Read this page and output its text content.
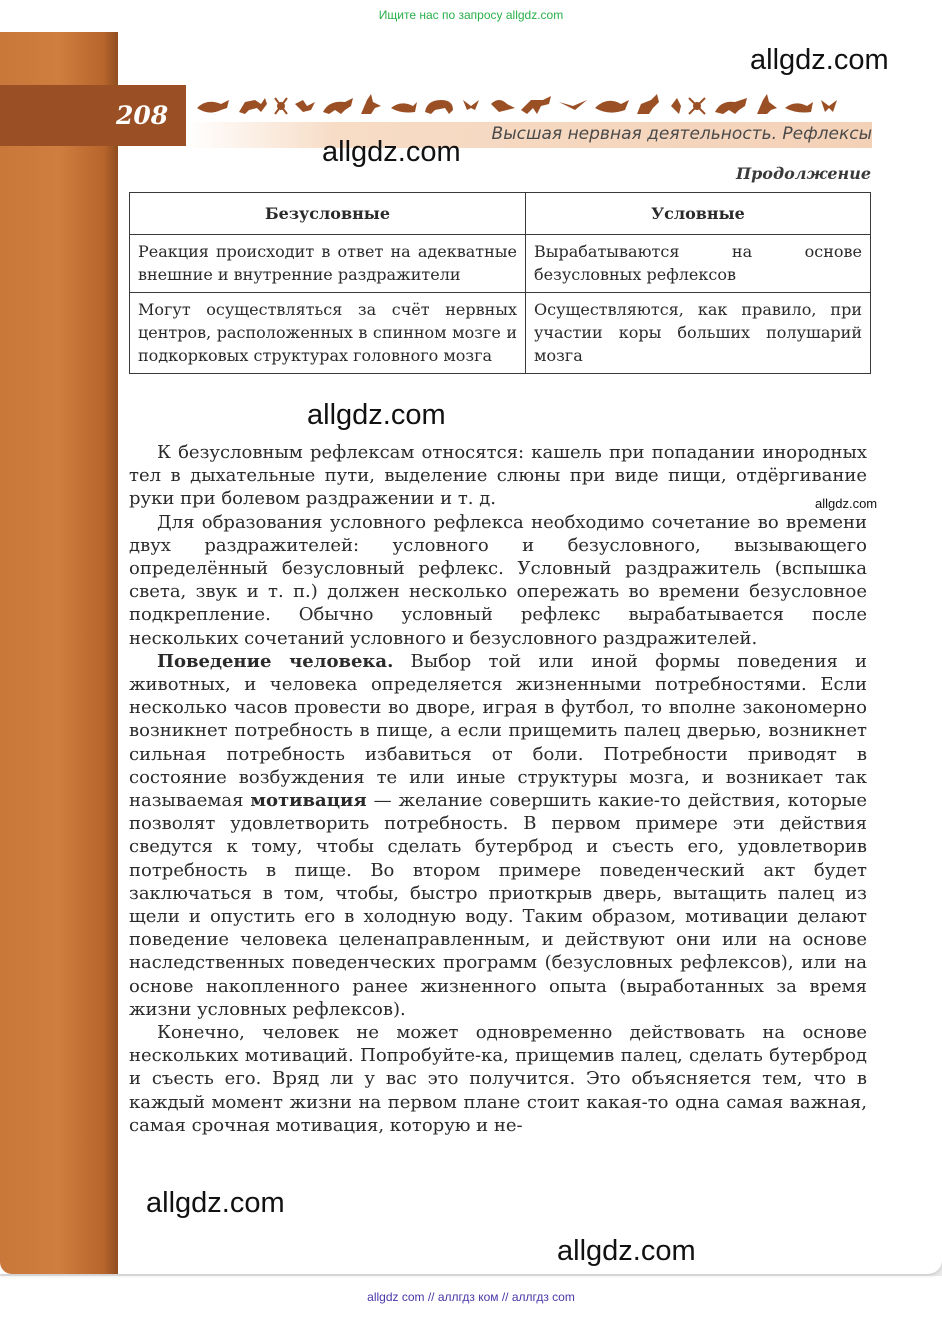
Ищите нас по запросу allgdz.com
208
Высшая нервная деятельность. Рефлексы
Продолжение
Безусловные	Условные
Реакция происходит в ответ на адекватные внешние и внутренние раздражители	Вырабатываются на основе безусловных рефлексов
Могут осуществляться за счёт нервных центров, расположенных в спинном мозге и подкорковых структурах головного мозга	Осуществляются, как правило, при участии коры больших полушарий мозга

К безусловным рефлексам относятся: кашель при попадании инородных тел в дыхательные пути, выделение слюны при виде пищи, отдёргивание руки при болевом раздражении и т. д.

Для образования условного рефлекса необходимо сочетание во времени двух раздражителей: условного и безусловного, вызывающего определённый безусловный рефлекс. Условный раздражитель (вспышка света, звук и т. п.) должен несколько опережать во времени безусловное подкрепление. Обычно условный рефлекс вырабатывается после нескольких сочетаний условного и безусловного раздражителей.

Поведение человека. Выбор той или иной формы поведения и животных, и человека определяется жизненными потребностями. Если несколько часов провести во дворе, играя в футбол, то вполне закономерно возникнет потребность в пище, а если прищемить палец дверью, возникнет сильная потребность избавиться от боли. Потребности приводят в состояние возбуждения те или иные структуры мозга, и возникает так называемая мотивация — желание совершить какие-то действия, которые позволят удовлетворить потребность. В первом примере эти действия сведутся к тому, чтобы сделать бутерброд и съесть его, удовлетворив потребность в пище. Во втором примере поведенческий акт будет заключаться в том, чтобы, быстро приоткрыв дверь, вытащить палец из щели и опустить его в холодную воду. Таким образом, мотивации делают поведение человека целенаправленным, и действуют они или на основе наследственных поведенческих программ (безусловных рефлексов), или на основе накопленного ранее жизненного опыта (выработанных за время жизни условных рефлексов).

Конечно, человек не может одновременно действовать на основе нескольких мотиваций. Попробуйте-ка, прищемив палец, сделать бутерброд и съесть его. Вряд ли у вас это получится. Это объясняется тем, что в каждый момент жизни на первом плане стоит какая-то одна самая важная, самая срочная мотивация, которую и не-

allgdz.com
allgdz.com
allgdz.com
allgdz.com
allgdz.com
allgdz.com
allgdz com // аллгдз ком // аллгдз com
